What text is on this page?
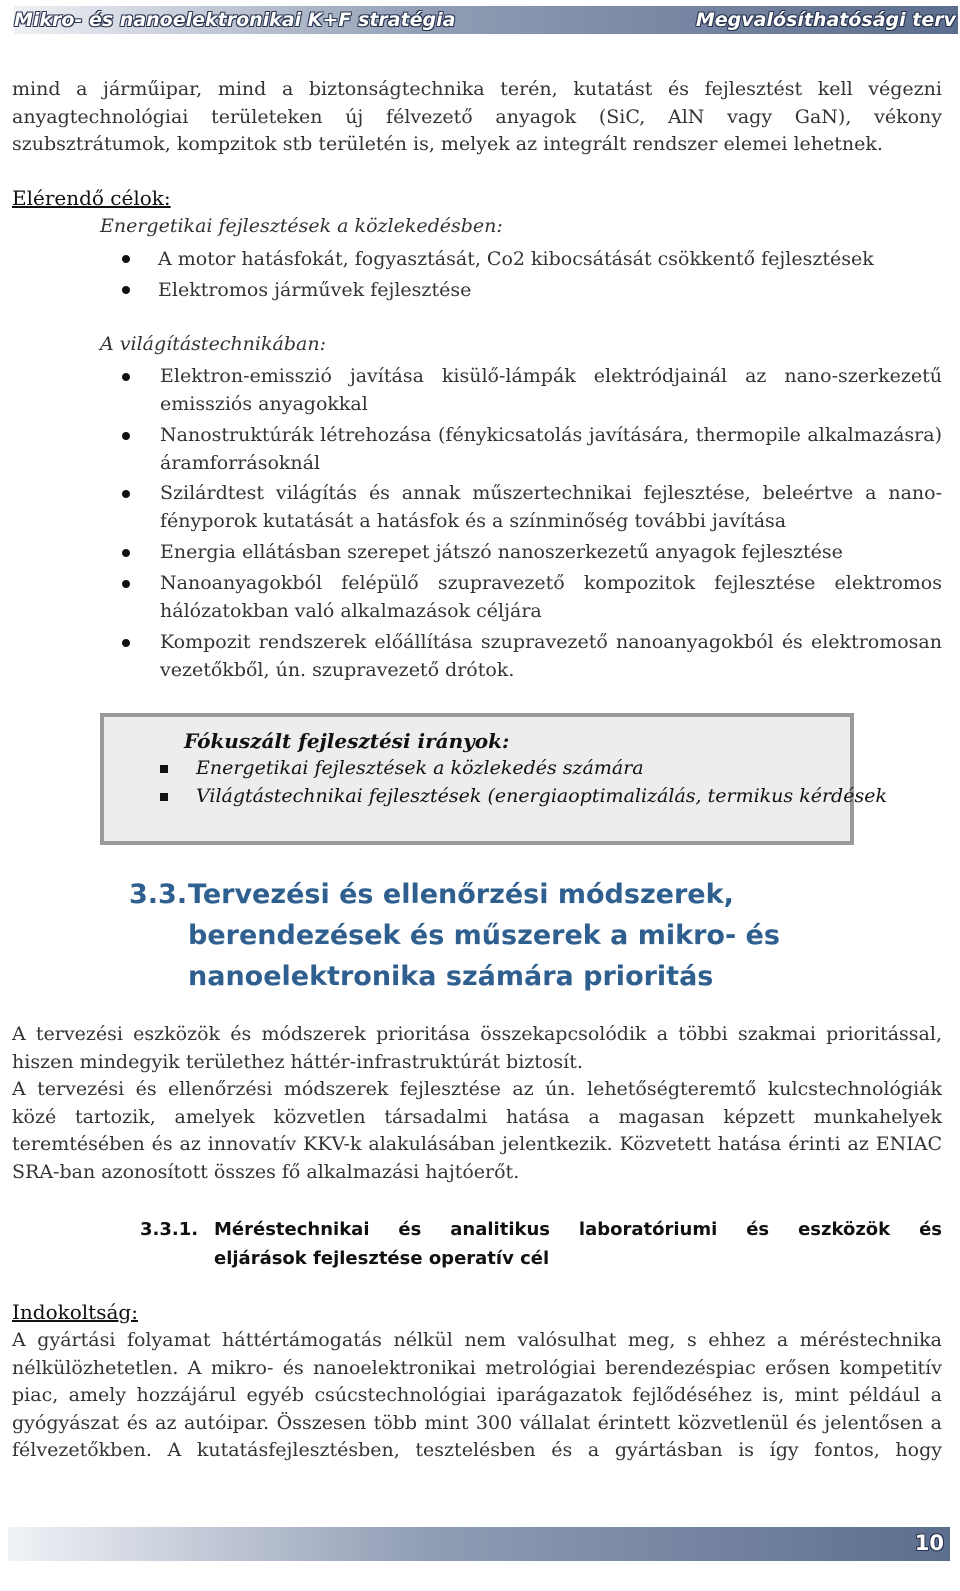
Mikro- és nanoelektronikai K+F stratégia	Megvalósíthatósági terv

mind a járműipar, mind a biztonságtechnika terén, kutatást és fejlesztést kell végezni anyagtechnológiai területeken új félvezető anyagok (SiC, AlN vagy GaN), vékony szubsztrátumok, kompzitok stb területén is, melyek az integrált rendszer elemei lehetnek.

Elérendő célok:

Energetikai fejlesztések a közlekedésben:

A motor hatásfokát, fogyasztását, Co2 kibocsátását csökkentő fejlesztések

Elektromos járművek fejlesztése

A világítástechnikában:

Elektron-emisszió javítása kisülő-lámpák elektródjainál az nano-szerkezetű emissziós anyagokkal

Nanostruktúrák létrehozása (fénykicsatolás javítására, thermopile alkalmazásra) áramforrásoknál

Szilárdtest világítás és annak műszertechnikai fejlesztése, beleértve a nano-fényporok kutatását a hatásfok és a színminőség további javítása

Energia ellátásban szerepet játszó nanoszerkezetű anyagok fejlesztése

Nanoanyagokból felépülő szupravezető kompozitok fejlesztése elektromos hálózatokban való alkalmazások céljára

Kompozit rendszerek előállítása szupravezető nanoanyagokból és elektromosan vezetőkből, ún. szupravezető drótok.

Fókuszált fejlesztési irányok:

Energetikai fejlesztések a közlekedés számára

Világtástechnikai fejlesztések (energiaoptimalizálás, termikus kérdések

3.3. Tervezési és ellenőrzési módszerek,

berendezések és műszerek a mikro- és

nanoelektronika számára prioritás

A tervezési eszközök és módszerek prioritása összekapcsolódik a többi szakmai prioritással, hiszen mindegyik területhez háttér-infrastruktúrát biztosít.

A tervezési és ellenőrzési módszerek fejlesztése az ún. lehetőségteremtő kulcstechnológiák közé tartozik, amelyek közvetlen társadalmi hatása a magasan képzett munkahelyek teremtésében és az innovatív KKV-k alakulásában jelentkezik. Közvetett hatása érinti az ENIAC SRA-ban azonosított összes fő alkalmazási hajtóerőt.

3.3.1. Méréstechnikai és analitikus laboratóriumi és eszközök és

eljárások fejlesztése operatív cél

Indokoltság:

A gyártási folyamat háttértámogatás nélkül nem valósulhat meg, s ehhez a méréstechnika nélkülözhetetlen. A mikro- és nanoelektronikai metrológiai berendezéspiac erősen kompetitív piac, amely hozzájárul egyéb csúcstechnológiai iparágazatok fejlődéséhez is, mint például a gyógyászat és az autóipar. Összesen több mint 300 vállalat érintett közvetlenül és jelentősen a félvezetőkben. A kutatásfejlesztésben, tesztelésben és a gyártásban is így fontos, hogy

10
